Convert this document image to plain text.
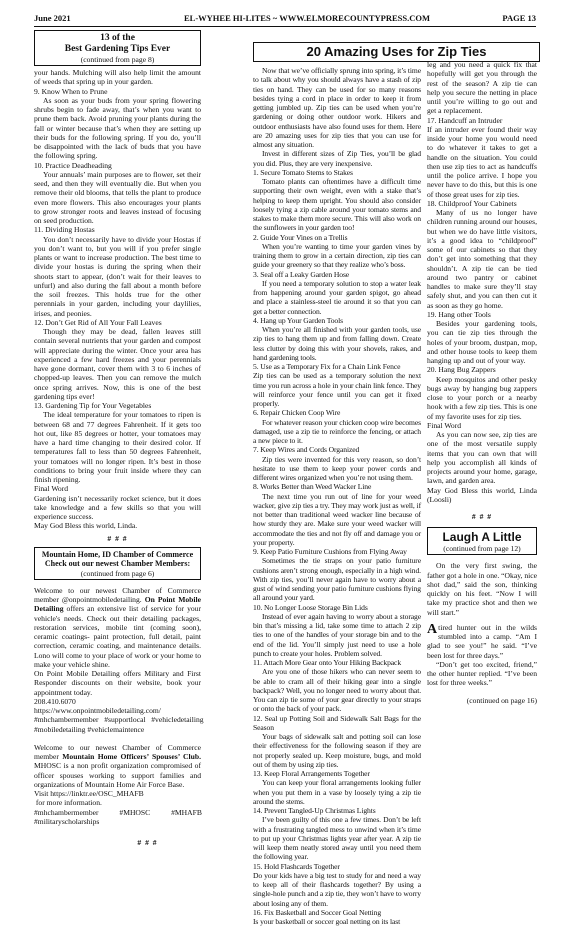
June 2021	EL-WYHEE HI-LITES ~ WWW.ELMORECOUNTYPRESS.COM	PAGE 13
13 of the
Best Gardening Tips Ever
(continued from page 8)

your hands. Mulching will also help limit the amount of weeds that spring up in your garden.

9. Know When to Prune

As soon as your buds from your spring flowering shrubs begin to fade away, that’s when you want to prune them back. Avoid pruning your plants during the fall or winter because that’s when they are setting up their buds for the following spring. If you do, you’ll be disappointed with the lack of buds that you have the following spring.

10. Practice Deadheading

Your annuals’ main purposes are to flower, set their seed, and then they will eventually die. But when you remove their old blooms, that tells the plant to produce even more flowers. This also encourages your plants to grow stronger roots and leaves instead of focusing on seed production.

11. Dividing Hostas

You don’t necessarily have to divide your Hostas if you don’t want to, but you will if you prefer single plants or want to increase production. The best time to divide your hostas is during the spring when their shoots start to appear, (don’t wait for their leaves to unfurl) and also during the fall about a month before the soil freezes. This holds true for the other perennials in your garden, including your daylilies, irises, and peonies.

12. Don’t Get Rid of All Your Fall Leaves

Though they may be dead, fallen leaves still contain several nutrients that your garden and compost will appreciate during the winter. Once your area has experienced a few hard freezes and your perennials have gone dormant, cover them with 3 to 6 inches of chopped-up leaves. Then you can remove the mulch once spring arrives. Now, this is one of the best gardening tips ever!

13. Gardening Tip for Your Vegetables

The ideal temperature for your tomatoes to ripen is between 68 and 77 degrees Fahrenheit. If it gets too hot out, like 85 degrees or hotter, your tomatoes may have a hard time changing to their desired color. If temperatures fall to less than 50 degrees Fahrenheit, your tomatoes will no longer ripen. It’s best in those conditions to bring your fruit inside where they can finish ripening.

Final Word

Gardening isn’t necessarily rocket science, but it does take knowledge and a few skills so that you will experience success.

May God Bless this world, Linda.

# # #
Mountain Home, ID Chamber of Commerce
Check out our newest Chamber Members:
(continued from page 6)

Welcome to our newest Chamber of Commerce member @onpointmobiledetailing. On Point Mobile Detailing offers an extensive list of service for your vehicle's needs. Check out their detailing packages, restoration services, mobile tint (coming soon), ceramic coatings- paint protection, full detail, paint correction, ceramic coating, and maintenance details. Lono will come to your place of work or your home to make your vehicle shine.

On Point Mobile Detailing offers Military and First Responder discounts on their website, book your appointment today.

208.410.6070

https://www.onpointmobiledetailing.com/

#mhchambermember   #supportlocal   #vehicledetailing

#mobiledetailing #vehiclemaintence

Welcome to our newest Chamber of Commerce member Mountain Home Officers’ Spouses’ Club. MHOSC is a non profit organization compromised of officer spouses working to support families and organizations of Mountain Home Air Force Base.

Visit https://linktr.ee/OSC_MHAFB

for more information.

#mhchambermember           #MHOSC           #MHAFB

#militaryscholarships

# # #
20 Amazing Uses for Zip Ties

Now that we’ve officially sprung into spring, it’s time to talk about why you should always have a stash of zip ties on hand. They can be used for so many reasons besides tying a cord in place in order to keep it from getting jumbled up. Zip ties can be used when you’re gardening or doing other outdoor work. Hikers and outdoor enthusiasts have also found uses for them. Here are 20 amazing uses for zip ties that you can use for almost any situation.

Invest in different sizes of Zip Ties, you’ll be glad you did. Plus, they are very inexpensive.

1. Secure Tomato Stems to Stakes

Tomato plants can oftentimes have a difficult time supporting their own weight, even with a stake that’s helping to keep them upright. You should also consider loosely tying a zip cable around your tomato stems and stakes to make them more secure. This will also work on the sunflowers in your garden too!

2. Guide Your Vines on a Trellis

When you’re wanting to time your garden vines by training them to grow in a certain direction, zip ties can guide your greenery so that they realize who’s boss.

3. Seal off a Leaky Garden Hose

If you need a temporary solution to stop a water leak from happening around your garden spigot, go ahead and place a stainless-steel tie around it so that you can get a better connection.

4. Hang up Your Garden Tools

When you’re all finished with your garden tools, use zip ties to hang them up and from falling down. Create less clutter by doing this with your shovels, rakes, and hand gardening tools.

5. Use as a Temporary Fix for a Chain Link Fence

Zip ties can be used as a temporary solution the next time you run across a hole in your chain link fence. They will reinforce your fence until you can get it fixed properly.

6. Repair Chicken Coop Wire

For whatever reason your chicken coop wire becomes damaged, use a zip tie to reinforce the fencing, or attach a new piece to it.

7. Keep Wires and Cords Organized

Zip ties were invented for this very reason, so don’t hesitate to use them to keep your power cords and different wires organized when you’re not using them.

8. Works Better than Weed Wacker Line

The next time you run out of line for your weed wacker, give zip ties a try. They may work just as well, if not better than traditional weed wacker line because of how sturdy they are. Make sure your weed wacker will accommodate the ties and not fly off and damage you or your property.

9. Keep Patio Furniture Cushions from Flying Away

Sometimes the tie straps on your patio furniture cushions aren’t strong enough, especially in a high wind. With zip ties, you’ll never again have to worry about a gust of wind sending your patio furniture cushions flying all around your yard.

10. No Longer Loose Storage Bin Lids

Instead of ever again having to worry about a storage bin that’s missing a lid, take some time to attach 2 zip ties to one of the handles of your storage bin and to the end of the lid. You’ll simply just need to use a hole punch to create your holes. Problem solved.

11. Attach More Gear onto Your Hiking Backpack

Are you one of those hikers who can never seem to be able to cram all of their hiking gear into a single backpack? Well, you no longer need to worry about that. You can zip tie some of your gear directly to your straps or onto the back of your pack.

12. Seal up Potting Soil and Sidewalk Salt Bags for the Season

Your bags of sidewalk salt and potting soil can lose their effectiveness for the following season if they are not properly sealed up. Keep moisture, bugs, and mold out of them by using zip ties.

13. Keep Floral Arrangements Together

You can keep your floral arrangements looking fuller when you put them in a vase by loosely tying a zip tie around the stems.

14. Prevent Tangled-Up Christmas Lights

I’ve been guilty of this one a few times. Don’t be left with a frustrating tangled mess to unwind when it’s time to put up your Christmas lights year after year. A zip tie will keep them neatly stored away until you need them the following year.

15. Hold Flashcards Together

Do your kids have a big test to study for and need a way to keep all of their flashcards together? By using a single-hole punch and a zip tie, they won’t have to worry about losing any of them.

16. Fix Basketball and Soccer Goal Netting

Is your basketball or soccer goal netting on its last

leg and you need a quick fix that hopefully will get you through the rest of the season? A zip tie can help you secure the netting in place until you’re willing to go out and get a replacement.

17. Handcuff an Intruder

If an intruder ever found their way inside your home you would need to do whatever it takes to get a handle on the situation. You could then use zip ties to act as handcuffs until the police arrive. I hope you never have to do this, but this is one of those great uses for zip ties.

18. Childproof Your Cabinets

Many of us no longer have children running around our houses, but when we do have little visitors, it’s a good idea to “childproof” some of our cabinets so that they don’t get into something that they shouldn’t. A zip tie can be tied around two pantry or cabinet handles to make sure they’ll stay safely shut, and you can then cut it as soon as they go home.

19. Hang other Tools

Besides your gardening tools, you can tie zip ties through the holes of your broom, dustpan, mop, and other house tools to keep them hanging up and out of your way.

20. Hang Bug Zappers

Keep mosquitos and other pesky bugs away by hanging bug zappers close to your porch or a nearby hook with a few zip ties. This is one of my favorite uses for zip ties.

Final Word

As you can now see, zip ties are one of the most versatile supply items that you can own that will help you accomplish all kinds of projects around your home, garage, lawn, and garden area.

May God Bless this world, Linda (Loosli)

# # #
Laugh A Little
(continued from page 12)

On the very first swing, the father got a hole in one. “Okay, nice shot dad,” said the son, thinking quickly on his feet. “Now I will take my practice shot and then we will start.”

A tired hunter out in the wilds stumbled into a camp. “Am I glad to see you!” he said. “I’ve been lost for three days.”

“Don’t get too excited, friend,” the other hunter replied. “I’ve been lost for three weeks.”

(continued on page 16)
